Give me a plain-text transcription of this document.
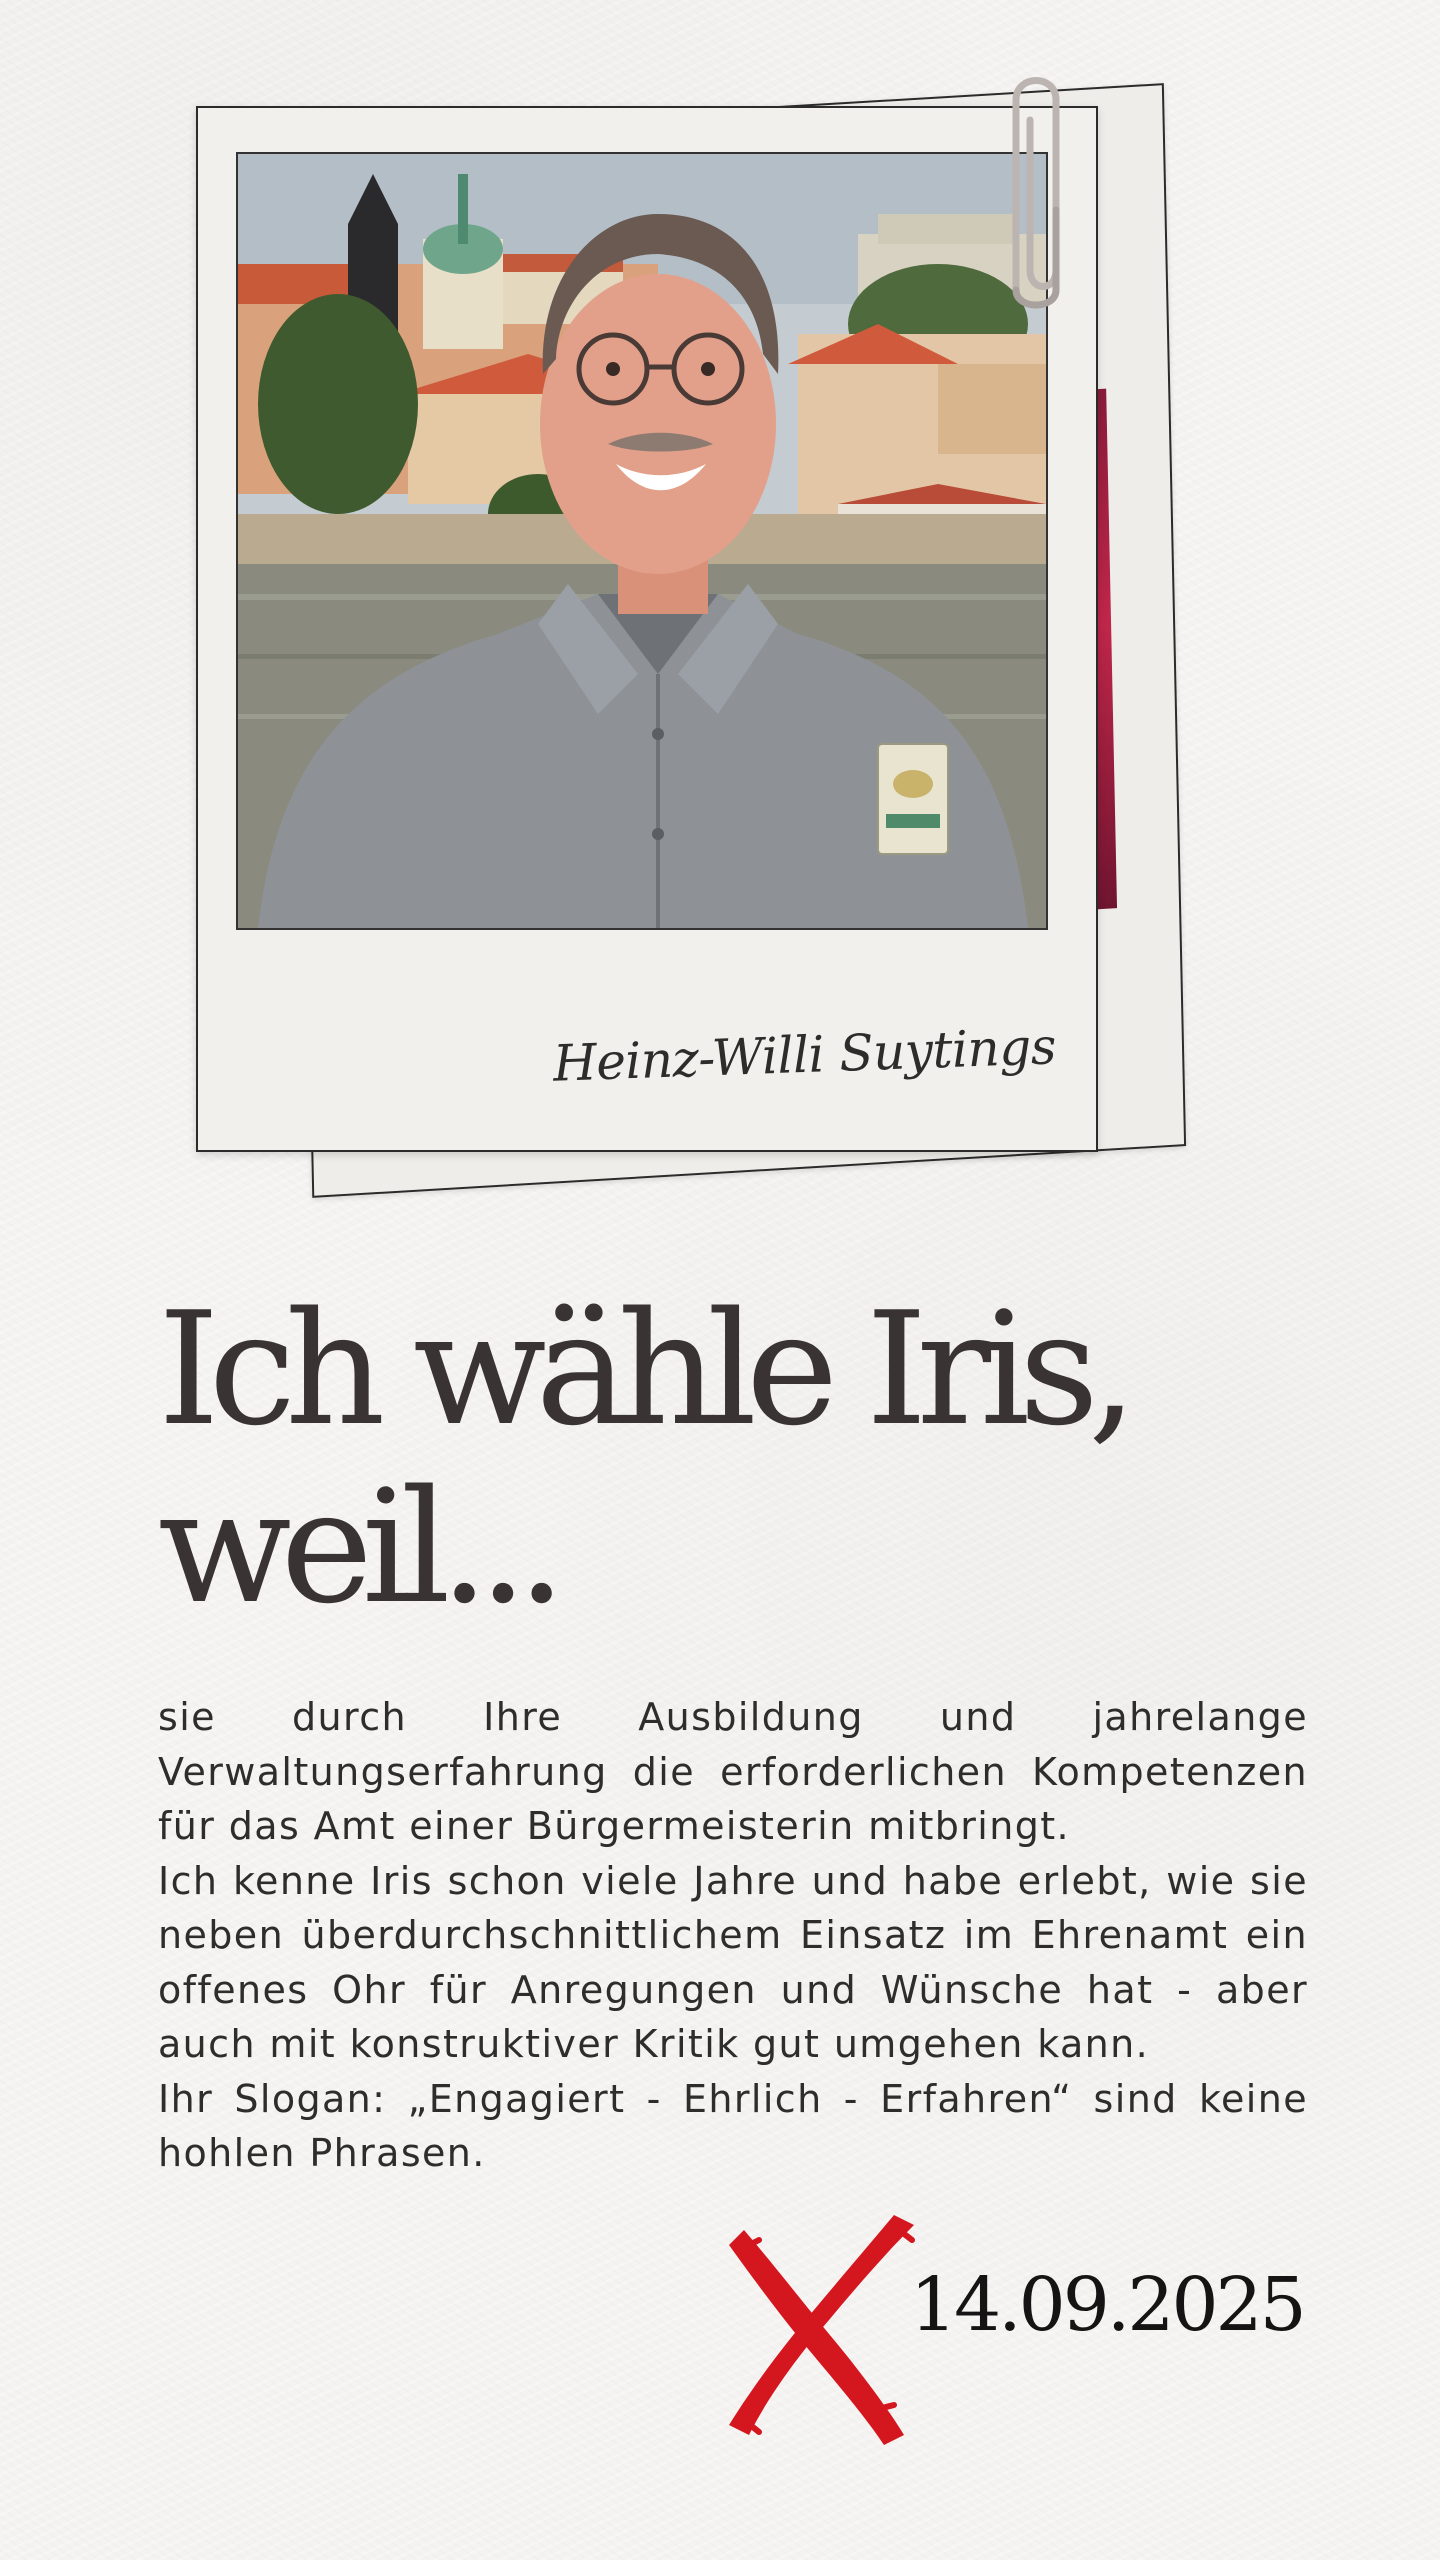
Heinz-Willi Suytings
Ich wähle Iris,
weil...

sie durch Ihre Ausbildung und jahrelange Verwaltungserfahrung die erforderlichen Kompetenzen für das Amt einer Bürgermeisterin mitbringt.

Ich kenne Iris schon viele Jahre und habe erlebt, wie sie neben überdurchschnittlichem Einsatz im Ehrenamt ein offenes Ohr für Anregungen und Wünsche hat - aber auch mit konstruktiver Kritik gut umgehen kann.

Ihr Slogan: „Engagiert - Ehrlich - Erfahren“ sind keine hohlen Phrasen.

14.09.2025
